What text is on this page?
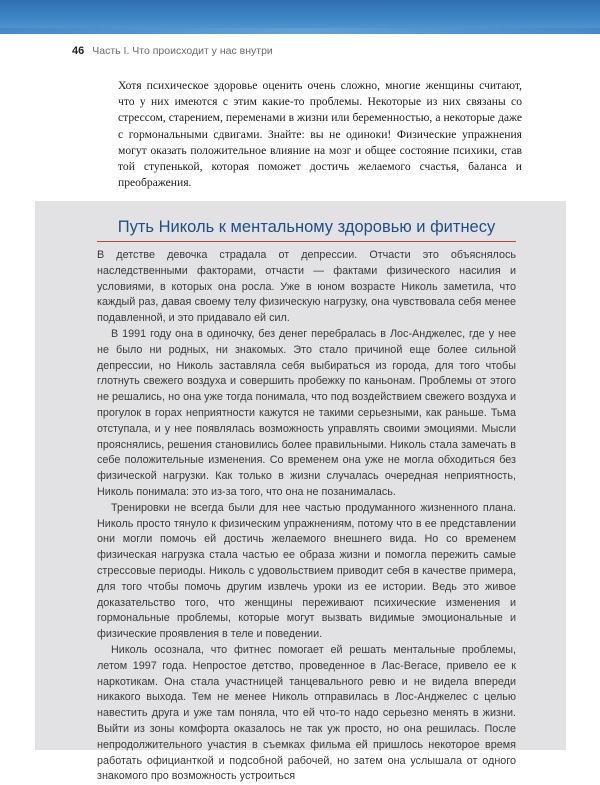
46 Часть I. Что происходит у нас внутри

Хотя психическое здоровье оценить очень сложно, многие женщины считают, что у них имеются с этим какие-то проблемы. Некоторые из них связаны со стрессом, старением, переменами в жизни или беременностью, а некоторые даже с гормональными сдвигами. Знайте: вы не одиноки! Физические упражнения могут оказать положительное влияние на мозг и общее состояние психики, став той ступенькой, которая поможет достичь желаемого счастья, баланса и преображения.

Путь Николь к ментальному здоровью и фитнесу

В детстве девочка страдала от депрессии. Отчасти это объяснялось наследственными факторами, отчасти — фактами физического насилия и условиями, в которых она росла. Уже в юном возрасте Николь заметила, что каждый раз, давая своему телу физическую нагрузку, она чувствовала себя менее подавленной, и это придавало ей сил.

В 1991 году она в одиночку, без денег перебралась в Лос-Анджелес, где у нее не было ни родных, ни знакомых. Это стало причиной еще более сильной депрессии, но Николь заставляла себя выбираться из города, для того чтобы глотнуть свежего воздуха и совершить пробежку по каньонам. Проблемы от этого не решались, но она уже тогда понимала, что под воздействием свежего воздуха и прогулок в горах неприятности кажутся не такими серьезными, как раньше. Тьма отступала, и у нее появлялась возможность управлять своими эмоциями. Мысли прояснялись, решения становились более правильными. Николь стала замечать в себе положительные изменения. Со временем она уже не могла обходиться без физической нагрузки. Как только в жизни случалась очередная неприятность, Николь понимала: это из-за того, что она не позанималась.

Тренировки не всегда были для нее частью продуманного жизненного плана. Николь просто тянуло к физическим упражнениям, потому что в ее представлении они могли помочь ей достичь желаемого внешнего вида. Но со временем физическая нагрузка стала частью ее образа жизни и помогла пережить самые стрессовые периоды. Николь с удовольствием приводит себя в качестве примера, для того чтобы помочь другим извлечь уроки из ее истории. Ведь это живое доказательство того, что женщины переживают психические изменения и гормональные проблемы, которые могут вызвать видимые эмоциональные и физические проявления в теле и поведении.

Николь осознала, что фитнес помогает ей решать ментальные проблемы, летом 1997 года. Непростое детство, проведенное в Лас-Вегасе, привело ее к наркотикам. Она стала участницей танцевального ревю и не видела впереди никакого выхода. Тем не менее Николь отправилась в Лос-Анджелес с целью навестить друга и уже там поняла, что ей что-то надо серьезно менять в жизни. Выйти из зоны комфорта оказалось не так уж просто, но она решилась. После непродолжительного участия в съемках фильма ей пришлось некоторое время работать официанткой и подсобной рабочей, но затем она услышала от одного знакомого про возможность устроиться
